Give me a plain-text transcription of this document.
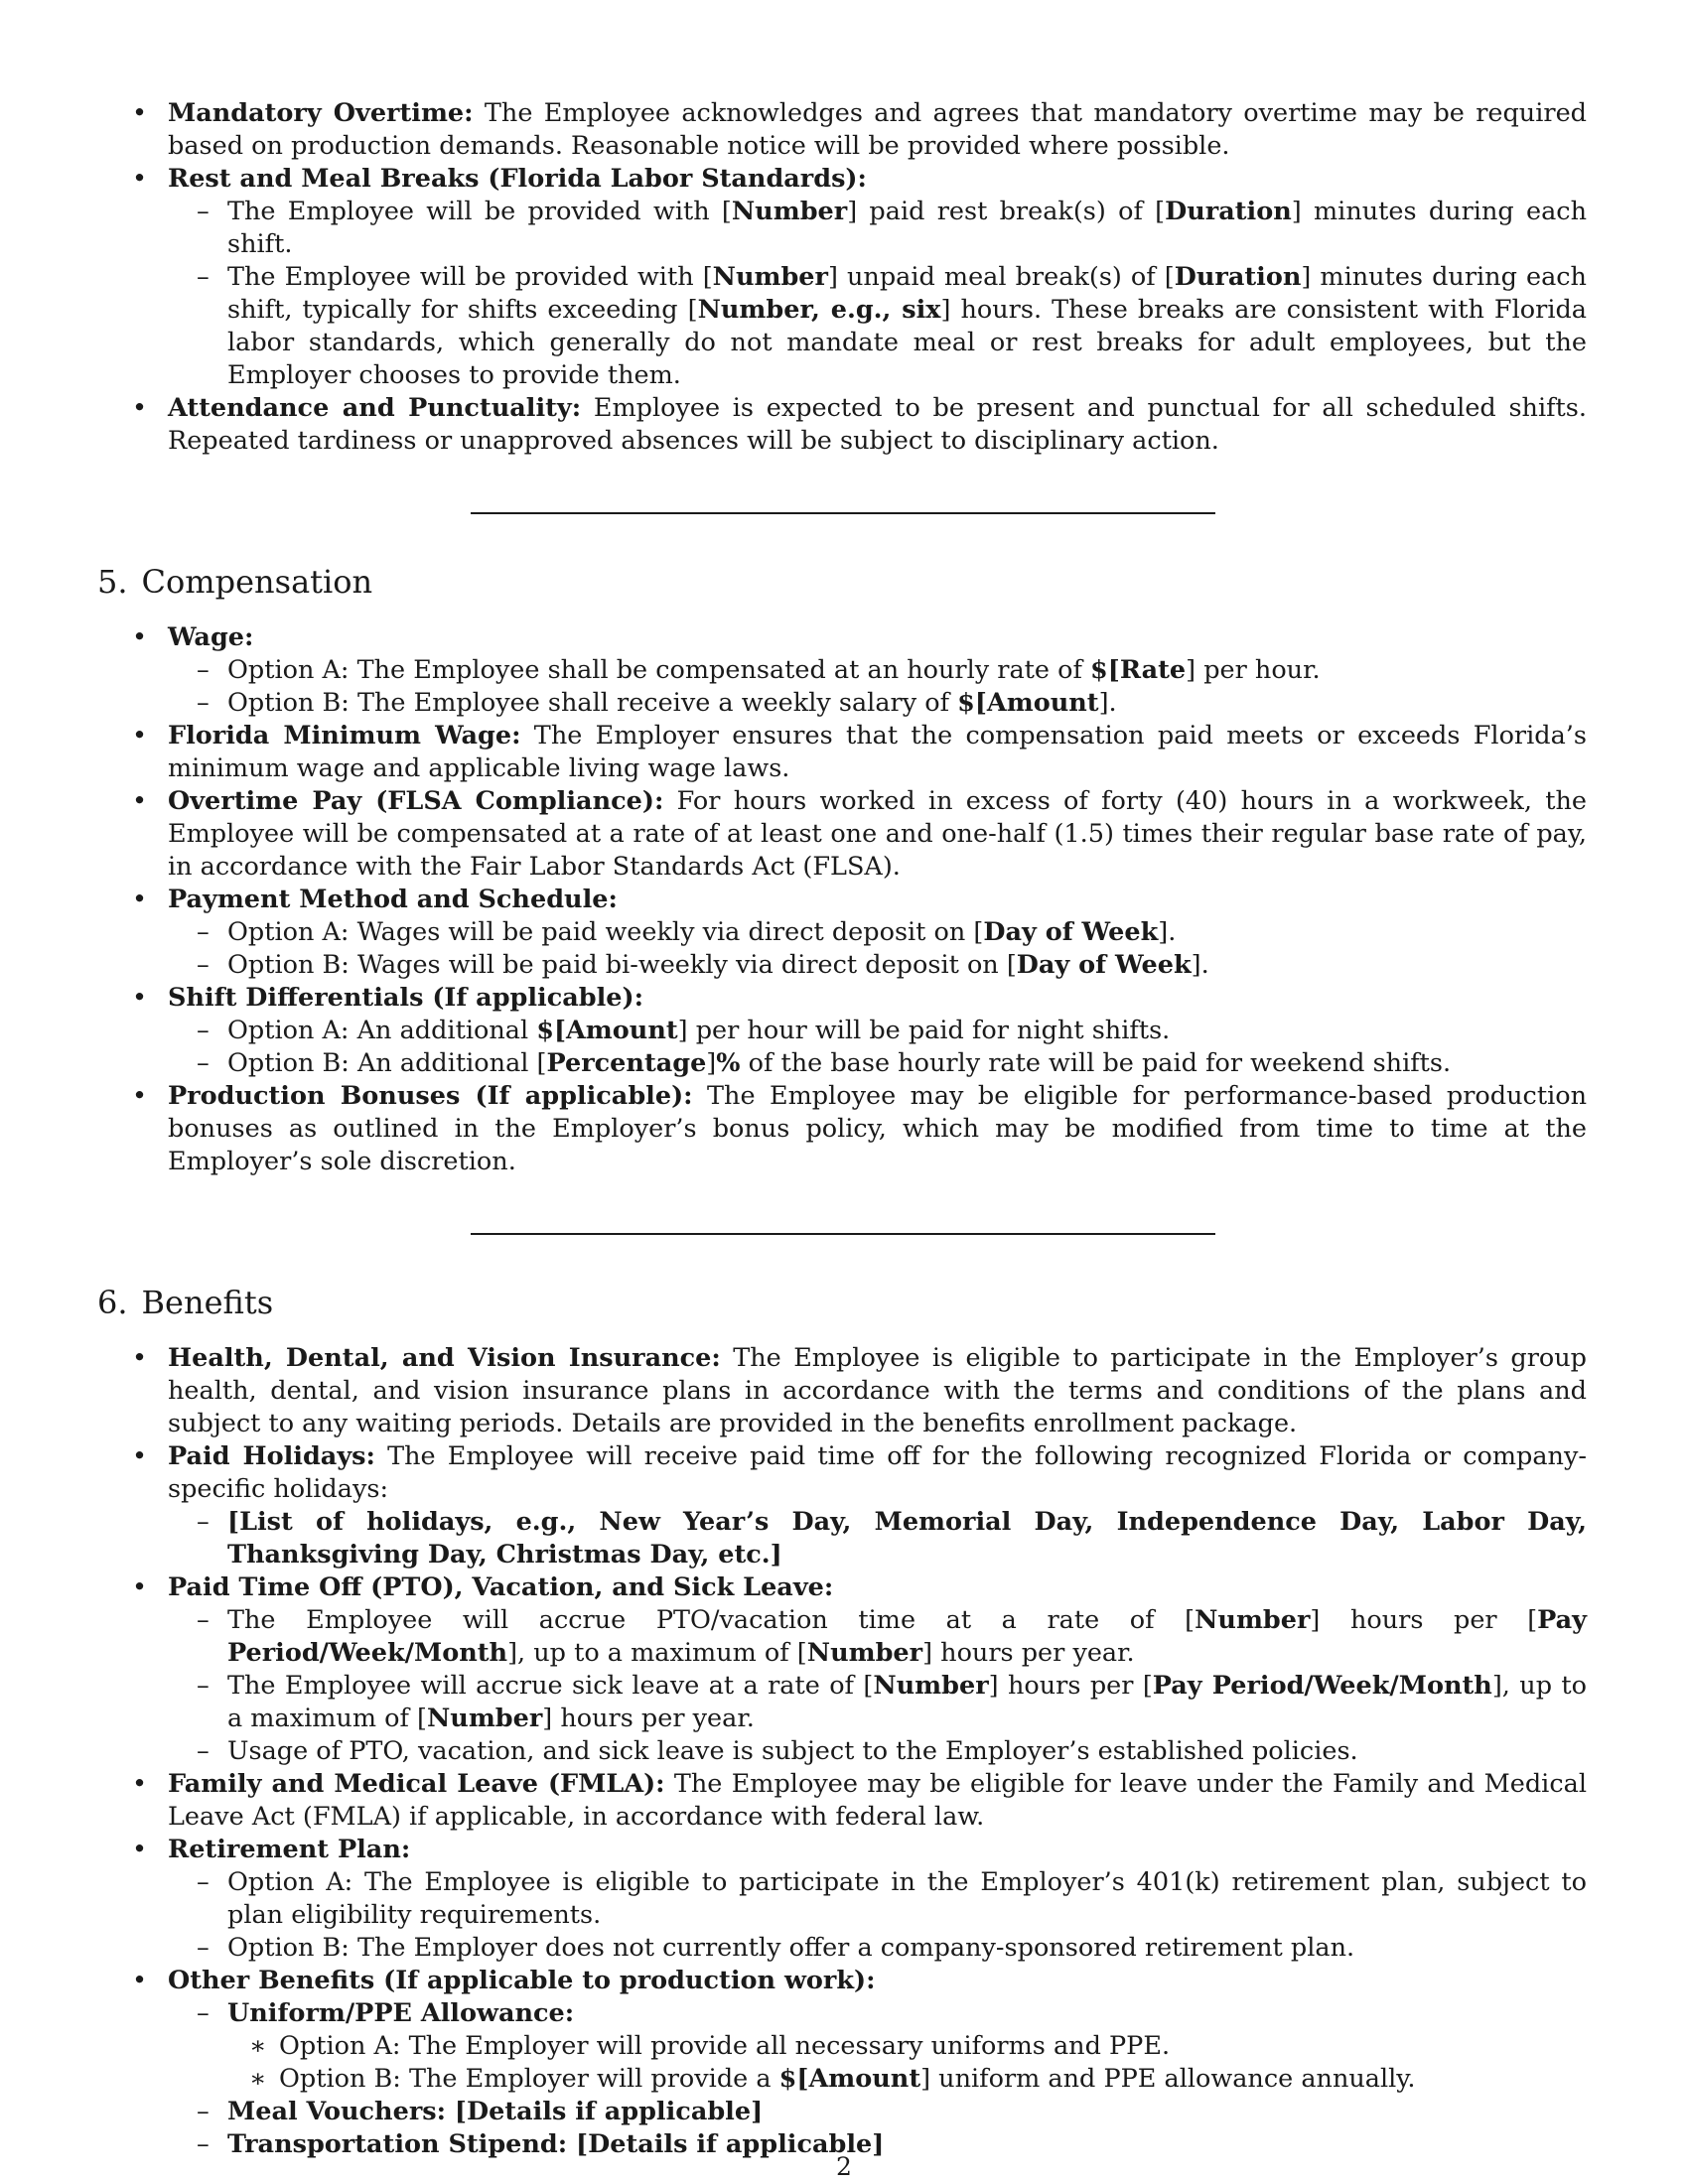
• Mandatory Overtime: The Employee acknowledges and agrees that mandatory overtime may be required based on production demands. Reasonable notice will be provided where possible.
• Rest and Meal Breaks (Florida Labor Standards):
– The Employee will be provided with [Number] paid rest break(s) of [Duration] minutes during each shift.
– The Employee will be provided with [Number] unpaid meal break(s) of [Duration] minutes during each shift, typically for shifts exceeding [Number, e.g., six] hours. These breaks are consistent with Florida labor standards, which generally do not mandate meal or rest breaks for adult employees, but the Employer chooses to provide them.
• Attendance and Punctuality: Employee is expected to be present and punctual for all scheduled shifts. Repeated tardiness or unapproved absences will be subject to disciplinary action.
5. Compensation
• Wage:
– Option A: The Employee shall be compensated at an hourly rate of $[Rate] per hour.
– Option B: The Employee shall receive a weekly salary of $[Amount].
• Florida Minimum Wage: The Employer ensures that the compensation paid meets or exceeds Florida’s minimum wage and applicable living wage laws.
• Overtime Pay (FLSA Compliance): For hours worked in excess of forty (40) hours in a workweek, the Employee will be compensated at a rate of at least one and one-half (1.5) times their regular base rate of pay, in accordance with the Fair Labor Standards Act (FLSA).
• Payment Method and Schedule:
– Option A: Wages will be paid weekly via direct deposit on [Day of Week].
– Option B: Wages will be paid bi-weekly via direct deposit on [Day of Week].
• Shift Differentials (If applicable):
– Option A: An additional $[Amount] per hour will be paid for night shifts.
– Option B: An additional [Percentage]% of the base hourly rate will be paid for weekend shifts.
• Production Bonuses (If applicable): The Employee may be eligible for performance-based production bonuses as outlined in the Employer’s bonus policy, which may be modified from time to time at the Employer’s sole discretion.
6. Benefits
• Health, Dental, and Vision Insurance: The Employee is eligible to participate in the Employer’s group health, dental, and vision insurance plans in accordance with the terms and conditions of the plans and subject to any waiting periods. Details are provided in the benefits enrollment package.
• Paid Holidays: The Employee will receive paid time off for the following recognized Florida or company-specific holidays:
– [List of holidays, e.g., New Year’s Day, Memorial Day, Independence Day, Labor Day, Thanksgiving Day, Christmas Day, etc.]
• Paid Time Off (PTO), Vacation, and Sick Leave:
– The Employee will accrue PTO/vacation time at a rate of [Number] hours per [Pay Period/Week/Month], up to a maximum of [Number] hours per year.
– The Employee will accrue sick leave at a rate of [Number] hours per [Pay Period/Week/Month], up to a maximum of [Number] hours per year.
– Usage of PTO, vacation, and sick leave is subject to the Employer’s established policies.
• Family and Medical Leave (FMLA): The Employee may be eligible for leave under the Family and Medical Leave Act (FMLA) if applicable, in accordance with federal law.
• Retirement Plan:
– Option A: The Employee is eligible to participate in the Employer’s 401(k) retirement plan, subject to plan eligibility requirements.
– Option B: The Employer does not currently offer a company-sponsored retirement plan.
• Other Benefits (If applicable to production work):
– Uniform/PPE Allowance:
∗ Option A: The Employer will provide all necessary uniforms and PPE.
∗ Option B: The Employer will provide a $[Amount] uniform and PPE allowance annually.
– Meal Vouchers: [Details if applicable]
– Transportation Stipend: [Details if applicable]
2
